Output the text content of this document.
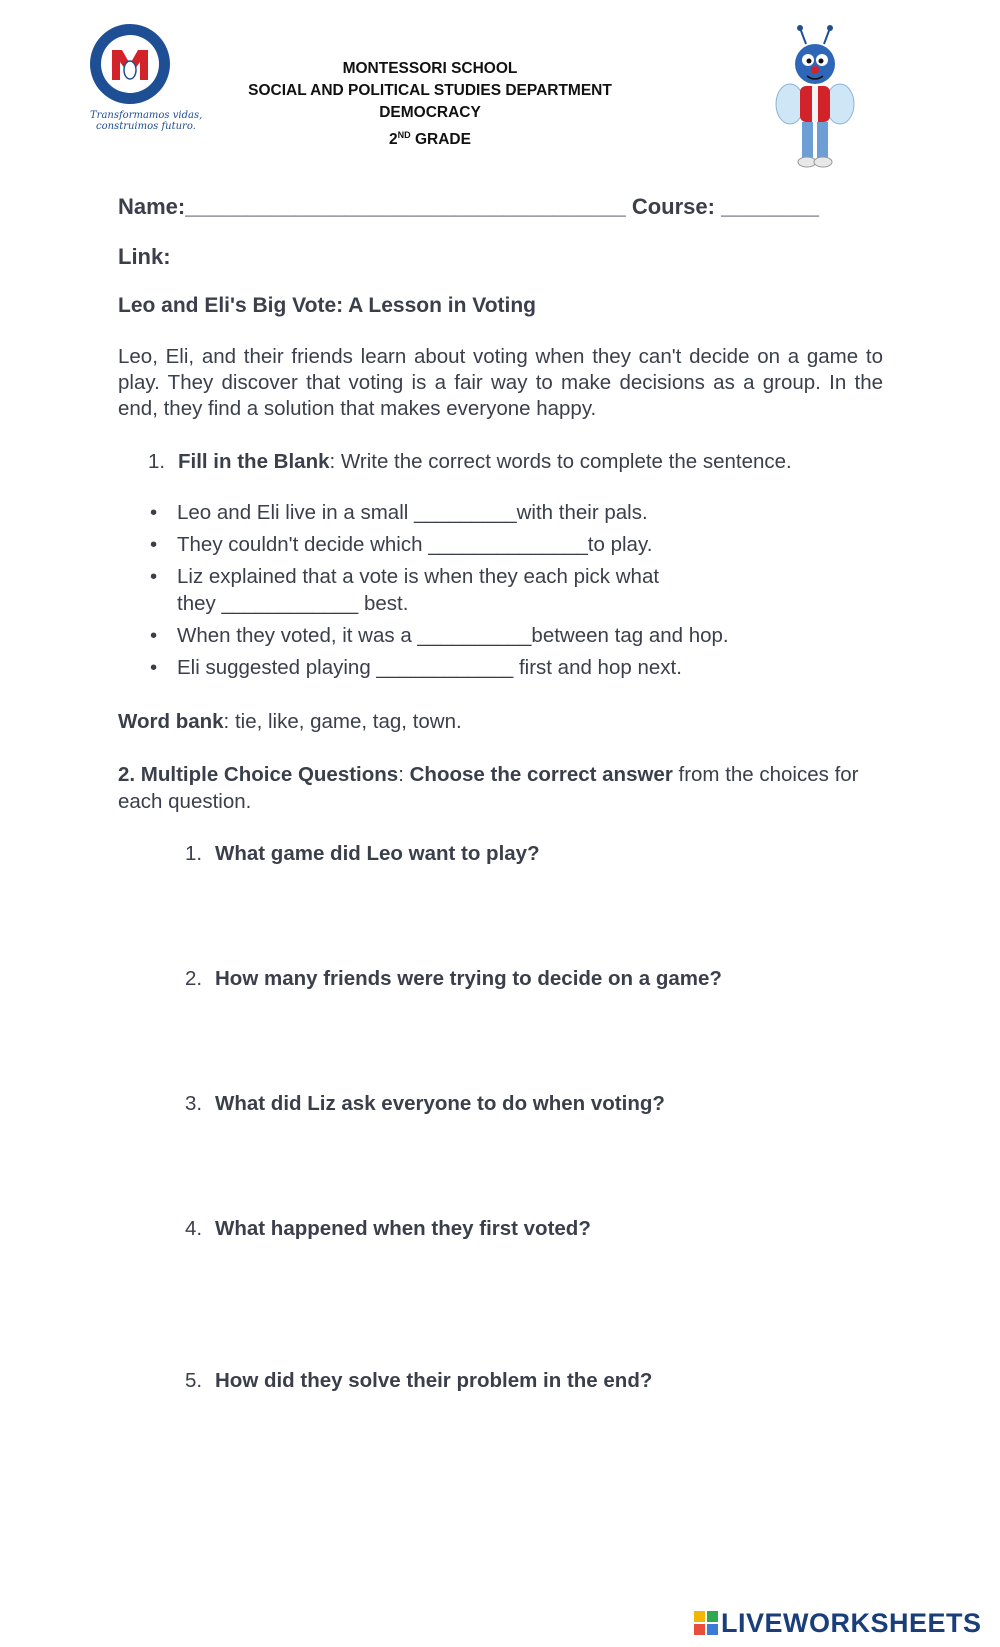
Transformamos vidas,
construimos futuro.
MONTESSORI SCHOOL
SOCIAL AND POLITICAL STUDIES DEPARTMENT
DEMOCRACY
2ND GRADE
Name:____________________________________ Course: ________
Link:
Leo and Eli's Big Vote: A Lesson in Voting
Leo, Eli, and their friends learn about voting when they can't decide on a game to play. They discover that voting is a fair way to make decisions as a group. In the end, they find a solution that makes everyone happy.
1. Fill in the Blank: Write the correct words to complete the sentence.
• Leo and Eli live in a small _________with their pals.
• They couldn't decide which ______________to play.
• Liz explained that a vote is when they each pick what
they ____________ best.
• When they voted, it was a __________between tag and hop.
• Eli suggested playing ____________ first and hop next.
Word bank: tie, like, game, tag, town.
2. Multiple Choice Questions: Choose the correct answer from the choices for each question.
1. What game did Leo want to play?
2. How many friends were trying to decide on a game?
3. What did Liz ask everyone to do when voting?
4. What happened when they first voted?
5. How did they solve their problem in the end?
LIVEWORKSHEETS
